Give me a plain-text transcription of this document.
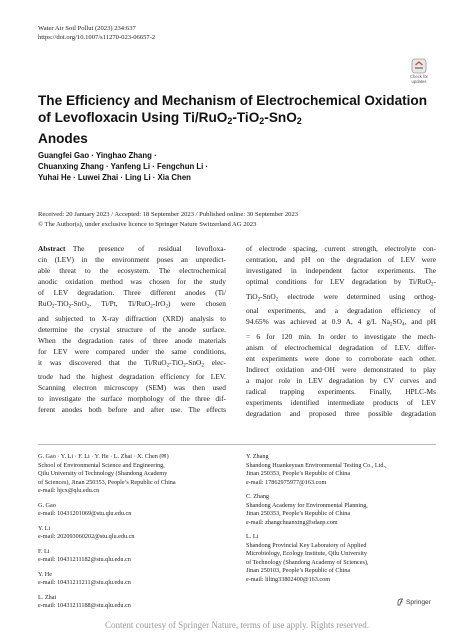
Water Air Soil Pollut (2023) 234:637
https://doi.org/10.1007/s11270-023-06657-2
Check for
updates
The Efficiency and Mechanism of Electrochemical Oxidation of Levofloxacin Using Ti/RuO$_2$-TiO$_2$-SnO$_2$
Anodes
Guangfei Gao · Yinghao Zhang ·
Chuanxing Zhang · Yanfeng Li · Fengchun Li ·
Yuhai He · Luwei Zhai · Ling Li · Xia Chen
Received: 20 January 2023 / Accepted: 18 September 2023 / Published online: 30 September 2023
© The Author(s), under exclusive licence to Springer Nature Switzerland AG 2023
Abstract  The presence of residual levofloxa-
cin (LEV) in the environment poses an unpredict-
able threat to the ecosystem. The electrochemical
anodic oxidation method was chosen for the study
of LEV degradation. Three different anodes (Ti/
RuO$_2$-TiO$_2$-SnO$_2$, Ti/Pt, Ti/RuO$_2$-IrO$_2$) were chosen
and subjected to X-ray diffraction (XRD) analysis to
determine the crystal structure of the anode surface.
When the degradation rates of three anode materials
for LEV were compared under the same conditions,
it was discovered that the Ti/RuO$_2$-TiO$_2$-SnO$_2$ elec-
trode had the highest degradation efficiency for LEV.
Scanning electron microscopy (SEM) was then used
to investigate the surface morphology of the three dif-
ferent anodes both before and after use. The effects
of electrode spacing, current strength, electrolyte con-
centration, and pH on the degradation of LEV were
investigated in independent factor experiments. The
optimal conditions for LEV degradation by Ti/RuO$_2$-
TiO$_2$-SnO$_2$ electrode were determined using orthog-
onal experiments, and a degradation efficiency of
94.65% was achieved at 0.9 A, 4 g/L $Na_2SO_4$, and pH
= 6 for 120 min. In order to investigate the mech-
anism of electrochemical degradation of LEV, differ-
ent experiments were done to corroborate each other.
Indirect oxidation and·OH were demonstrated to play
a major role in LEV degradation by CV curves and
radical trapping experiments. Finally, HPLC-Ms
experiments identified intermediate products of LEV
degradation and proposed three possible degradation
G. Gao · Y. Li · F. Li · Y. He · L. Zhai · X. Chen (✉)
School of Environmental Science and Engineering,
Qilu University of Technology (Shandong Academy
of Sciences), Jinan 250353, People’s Republic of China
e-mail: hjcx@qlu.edu.cn
G. Gao
e-mail: 10431201069@stu.qlu.edu.cn
Y. Li
e-mail: 202093060202@stu.qlu.edu.cn
F. Li
e-mail: 10431211182@stu.qlu.edu.cn
Y. He
e-mail: 10431211211@stu.qlu.edu.cn
L. Zhai
e-mail: 10431211188@stu.qlu.edu.cn
Y. Zhang
Shandong Huankeyuan Environmental Testing Co., Ltd.,
Jinan 250353, People’s Republic of China
e-mail: 17862975977@163.com
C. Zhang
Shandong Academy for Environmental Planning,
Jinan 250353, People’s Republic of China
e-mail: zhangchuanxing@sdaep.com
L. Li
Shandong Provincial Key Laboratory of Applied
Microbiology, Ecology Institute, Qilu University
of Technology (Shandong Academy of Sciences),
Jinan 250103, People’s Republic of China
e-mail: liling33802400@163.com
Springer
Content courtesy of Springer Nature, terms of use apply. Rights reserved.
